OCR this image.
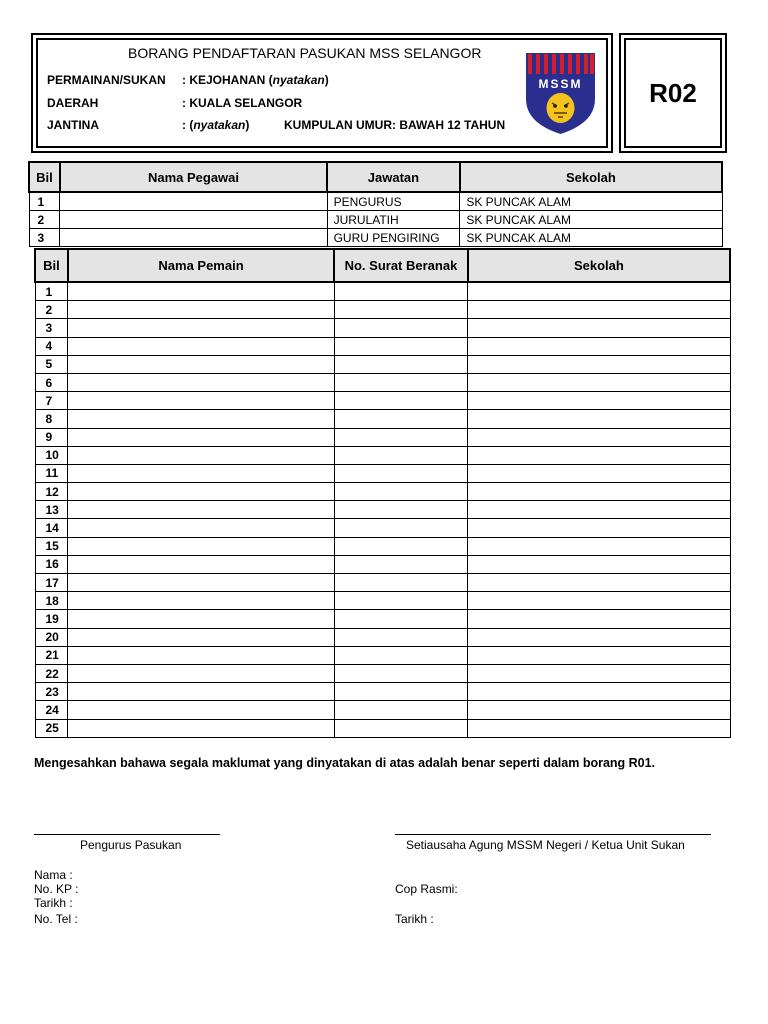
R02
BORANG PENDAFTARAN PASUKAN MSS SELANGOR
PERMAINAN/SUKAN : KEJOHANAN (nyatakan)
DAERAH	: KUALA SELANGOR
JANTINA	: (nyatakan)	KUMPULAN UMUR: BAWAH 12 TAHUN
MSSM
Bil	Nama Pegawai	Jawatan	Sekolah
1		PENGURUS	SK PUNCAK ALAM
2		JURULATIH	SK PUNCAK ALAM
3		GURU PENGIRING	SK PUNCAK ALAM
Bil	Nama Pemain	No. Surat Beranak	Sekolah
1			
2			
3			
4			
5			
6			
7			
8			
9			
10			
11			
12			
13			
14			
15			
16			
17			
18			
19			
20			
21			
22			
23			
24			
25			
Mengesahkan bahawa segala maklumat yang dinyatakan di atas adalah benar seperti dalam borang R01.
Pengurus Pasukan	Setiausaha Agung MSSM Negeri / Ketua Unit Sukan
Nama :
No. KP :
Tarikh :
No. Tel :
Cop Rasmi:
Tarikh :
